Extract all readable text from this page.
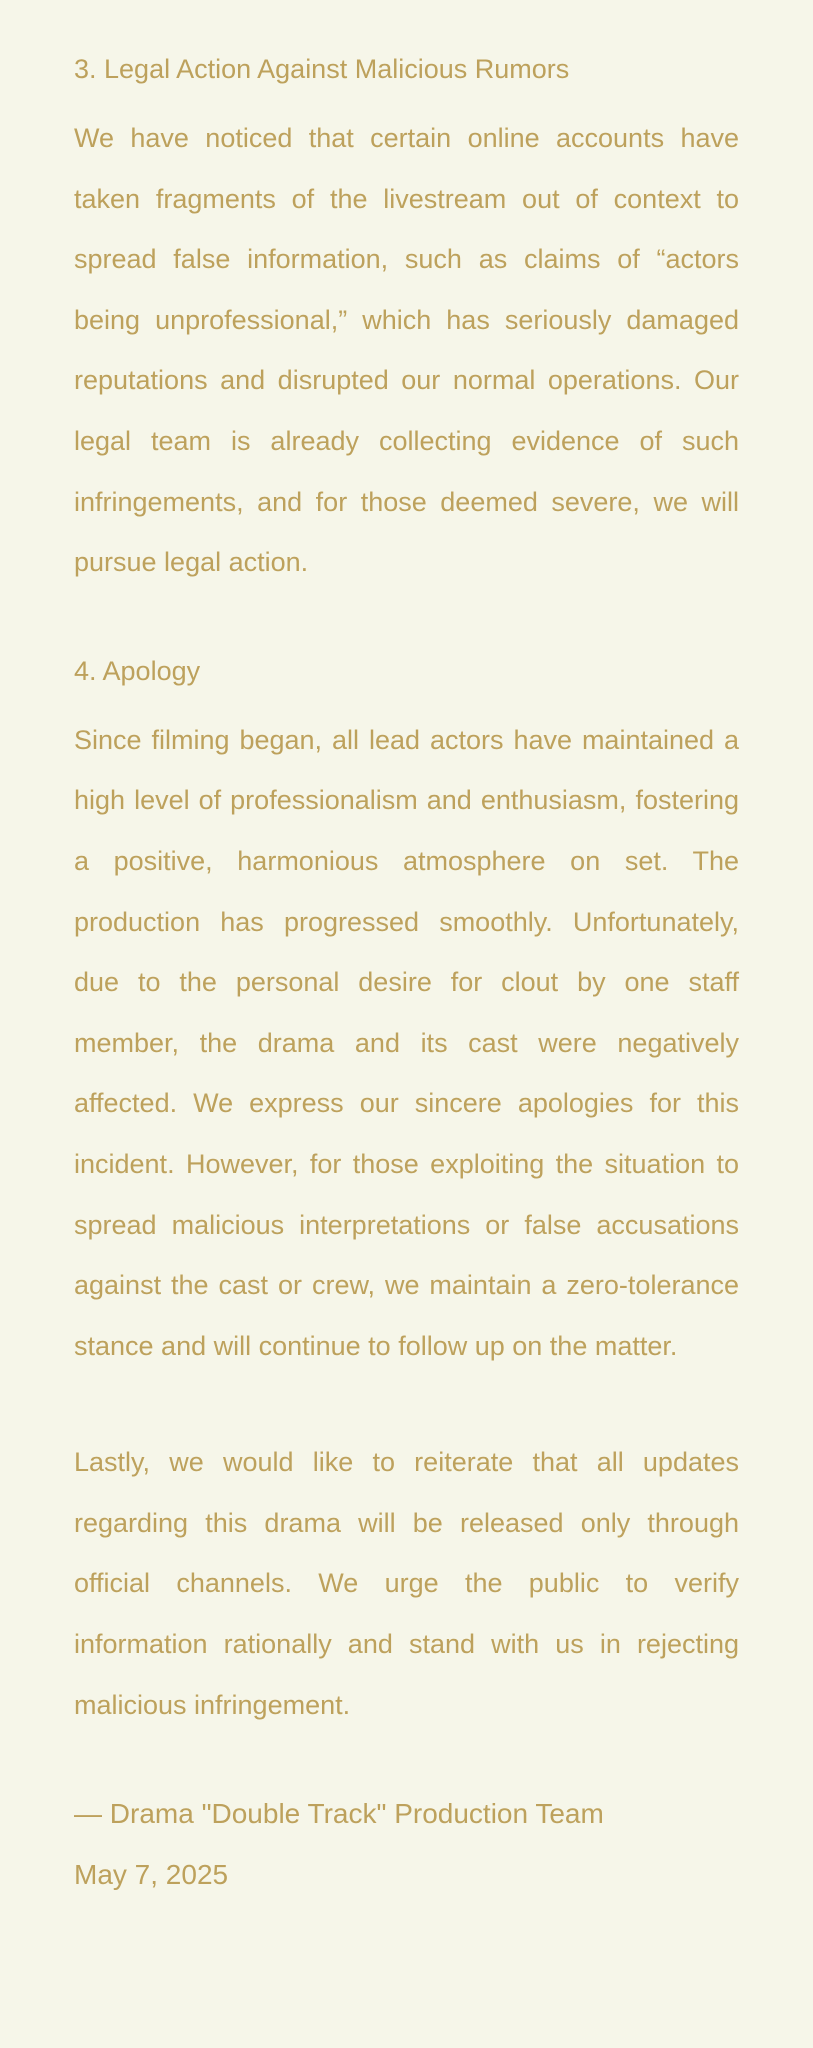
3. Legal Action Against Malicious Rumors

We have noticed that certain online accounts have taken fragments of the livestream out of context to spread false information, such as claims of “actors being unprofessional,” which has seriously damaged reputations and disrupted our normal operations. Our legal team is already collecting evidence of such infringements, and for those deemed severe, we will pursue legal action.

4. Apology

Since filming began, all lead actors have maintained a high level of professionalism and enthusiasm, fostering a positive, harmonious atmosphere on set. The production has progressed smoothly. Unfortunately, due to the personal desire for clout by one staff member, the drama and its cast were negatively affected. We express our sincere apologies for this incident. However, for those exploiting the situation to spread malicious interpretations or false accusations against the cast or crew, we maintain a zero-tolerance stance and will continue to follow up on the matter.

Lastly, we would like to reiterate that all updates regarding this drama will be released only through official channels. We urge the public to verify information rationally and stand with us in rejecting malicious infringement.

— Drama "Double Track" Production Team

May 7, 2025
